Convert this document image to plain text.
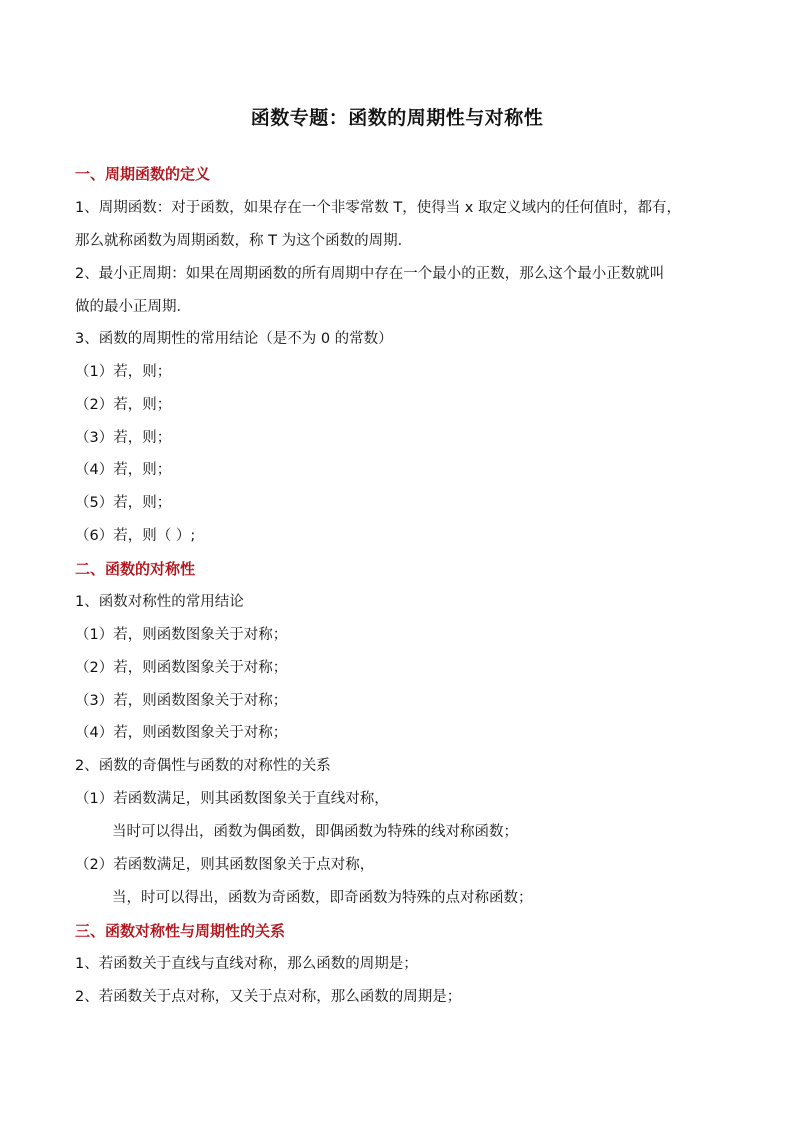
函数专题：函数的周期性与对称性
一、周期函数的定义
1、周期函数：对于函数，如果存在一个非零常数 T，使得当 x 取定义域内的任何值时，都有，
那么就称函数为周期函数，称 T 为这个函数的周期．
2、最小正周期：如果在周期函数的所有周期中存在一个最小的正数，那么这个最小正数就叫
做的最小正周期．
3、函数的周期性的常用结论（是不为 0 的常数）
（1）若，则；
（2）若，则；
（3）若，则；
（4）若，则；
（5）若，则；
（6）若，则（ ）;
二、函数的对称性
1、函数对称性的常用结论
（1）若，则函数图象关于对称；
（2）若，则函数图象关于对称；
（3）若，则函数图象关于对称；
（4）若，则函数图象关于对称；
2、函数的奇偶性与函数的对称性的关系
（1）若函数满足，则其函数图象关于直线对称，
当时可以得出，函数为偶函数，即偶函数为特殊的线对称函数；
（2）若函数满足，则其函数图象关于点对称，
当，时可以得出，函数为奇函数，即奇函数为特殊的点对称函数；
三、函数对称性与周期性的关系
1、若函数关于直线与直线对称，那么函数的周期是；
2、若函数关于点对称，又关于点对称，那么函数的周期是；
